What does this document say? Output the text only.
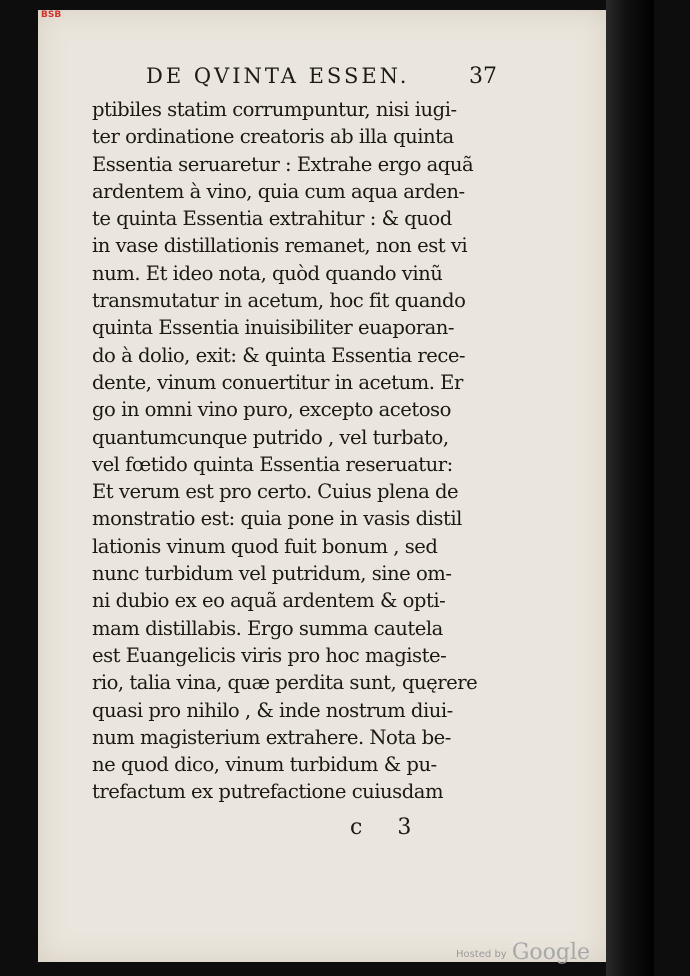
BSB
DE QVINTA ESSEN.	37
ptibiles statim corrumpuntur, nisi iugi-
ter ordinatione creatoris ab illa quinta
Essentia seruaretur : Extrahe ergo aquã
ardentem à vino, quia cum aqua arden-
te quinta Essentia extrahitur : & quod
in vase distillationis remanet, non est vi
num. Et ideo nota, quòd quando vinũ
transmutatur in acetum, hoc fit quando
quinta Essentia inuisibiliter euaporan-
do à dolio, exit: & quinta Essentia rece-
dente, vinum conuertitur in acetum. Er
go in omni vino puro, excepto acetoso
quantumcunque putrido , vel turbato,
vel fœtido quinta Essentia reseruatur:
Et verum est pro certo. Cuius plena de
monstratio est: quia pone in vasis distil
lationis vinum quod fuit bonum , sed
nunc turbidum vel putridum, sine om-
ni dubio ex eo aquã ardentem & opti-
mam distillabis. Ergo summa cautela
est Euangelicis viris pro hoc magiste-
rio, talia vina, quæ perdita sunt, quęrere
quasi pro nihilo , & inde nostrum diui-
num magisterium extrahere. Nota be-
ne quod dico, vinum turbidum & pu-
trefactum ex putrefactione cuiusdam
c 3
Hosted by Google
